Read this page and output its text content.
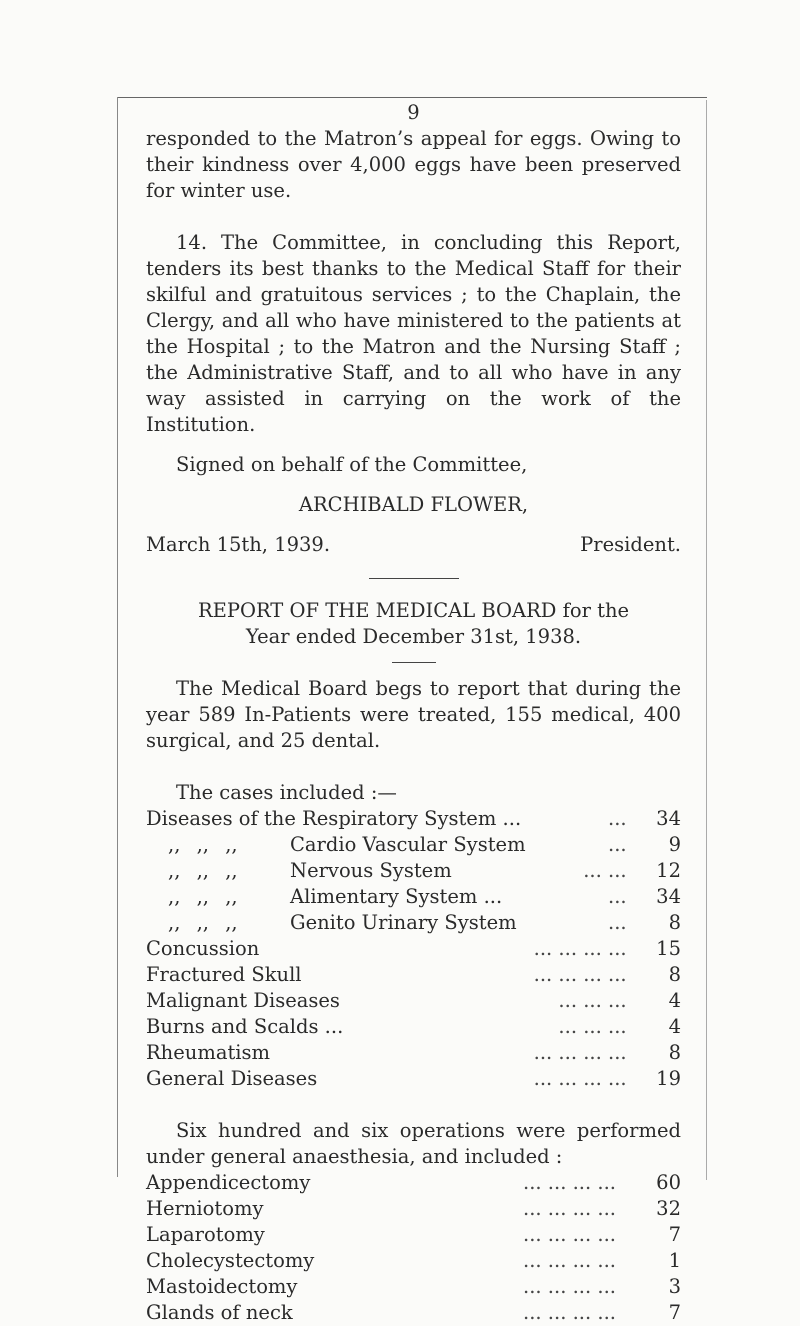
9

responded to the Matron’s appeal for eggs. Owing to their kindness over 4,000 eggs have been preserved for winter use.

14. The Committee, in concluding this Report, tenders its best thanks to the Medical Staff for their skilful and gratuitous services ; to the Chaplain, the Clergy, and all who have ministered to the patients at the Hospital ; to the Matron and the Nursing Staff ; the Administrative Staff, and to all who have in any way assisted in carrying on the work of the Institution.

Signed on behalf of the Committee,

ARCHIBALD FLOWER,

March 15th, 1939.	President.

REPORT OF THE MEDICAL BOARD for the Year ended December 31st, 1938.

The Medical Board begs to report that during the year 589 In-Patients were treated, 155 medical, 400 surgical, and 25 dental.

The cases included :—

Diseases of the Respiratory System ...	...	34
,, ,, ,, Cardio Vascular System	...	9
,, ,, ,, Nervous System	... ...	12
,, ,, ,, Alimentary System ...	...	34
,, ,, ,, Genito Urinary System	...	8
Concussion	... ... ... ...	15
Fractured Skull	... ... ... ...	8
Malignant Diseases	... ... ...	4
Burns and Scalds ...	... ... ...	4
Rheumatism	... ... ... ...	8
General Diseases	... ... ... ...	19

Six hundred and six operations were performed under general anaesthesia, and included :

Appendicectomy	... ... ... ...	60
Herniotomy	... ... ... ...	32
Laparotomy	... ... ... ...	7
Cholecystectomy	... ... ... ...	1
Mastoidectomy	... ... ... ...	3
Glands of neck	... ... ... ...	7
